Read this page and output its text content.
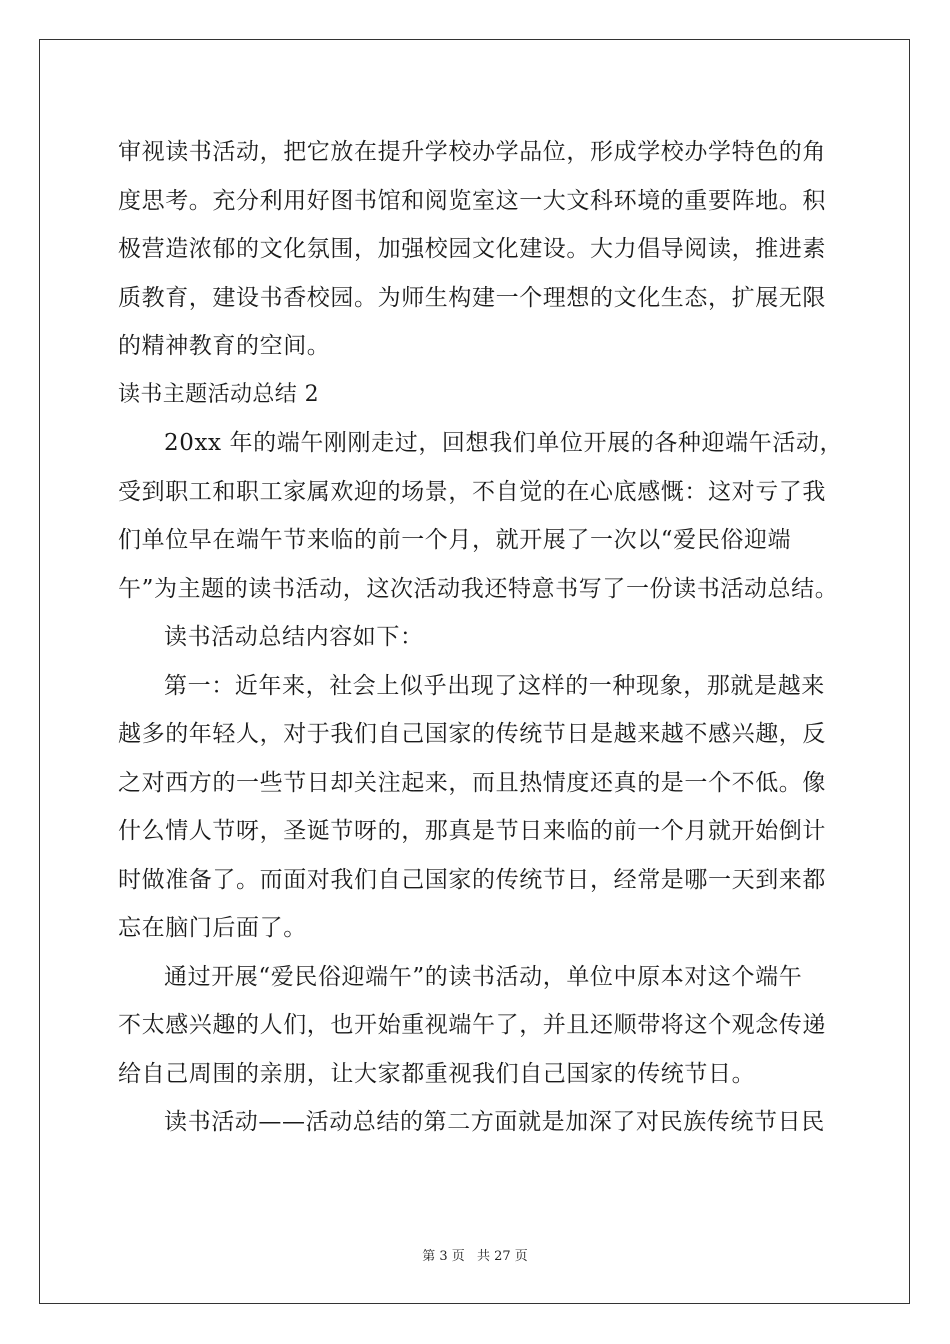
审视读书活动，把它放在提升学校办学品位，形成学校办学特色的角
度思考。充分利用好图书馆和阅览室这一大文科环境的重要阵地。积
极营造浓郁的文化氛围，加强校园文化建设。大力倡导阅读，推进素
质教育，建设书香校园。为师生构建一个理想的文化生态，扩展无限
的精神教育的空间。
读书主题活动总结 2
20xx 年的端午刚刚走过，回想我们单位开展的各种迎端午活动，
受到职工和职工家属欢迎的场景，不自觉的在心底感慨：这对亏了我
们单位早在端午节来临的前一个月，就开展了一次以“爱民俗迎端
午”为主题的读书活动，这次活动我还特意书写了一份读书活动总结。
读书活动总结内容如下：
第一：近年来，社会上似乎出现了这样的一种现象，那就是越来
越多的年轻人，对于我们自己国家的传统节日是越来越不感兴趣，反
之对西方的一些节日却关注起来，而且热情度还真的是一个不低。像
什么情人节呀，圣诞节呀的，那真是节日来临的前一个月就开始倒计
时做准备了。而面对我们自己国家的传统节日，经常是哪一天到来都
忘在脑门后面了。
通过开展“爱民俗迎端午”的读书活动，单位中原本对这个端午
不太感兴趣的人们，也开始重视端午了，并且还顺带将这个观念传递
给自己周围的亲朋，让大家都重视我们自己国家的传统节日。
读书活动——活动总结的第二方面就是加深了对民族传统节日民
第 3 页 共 27 页
